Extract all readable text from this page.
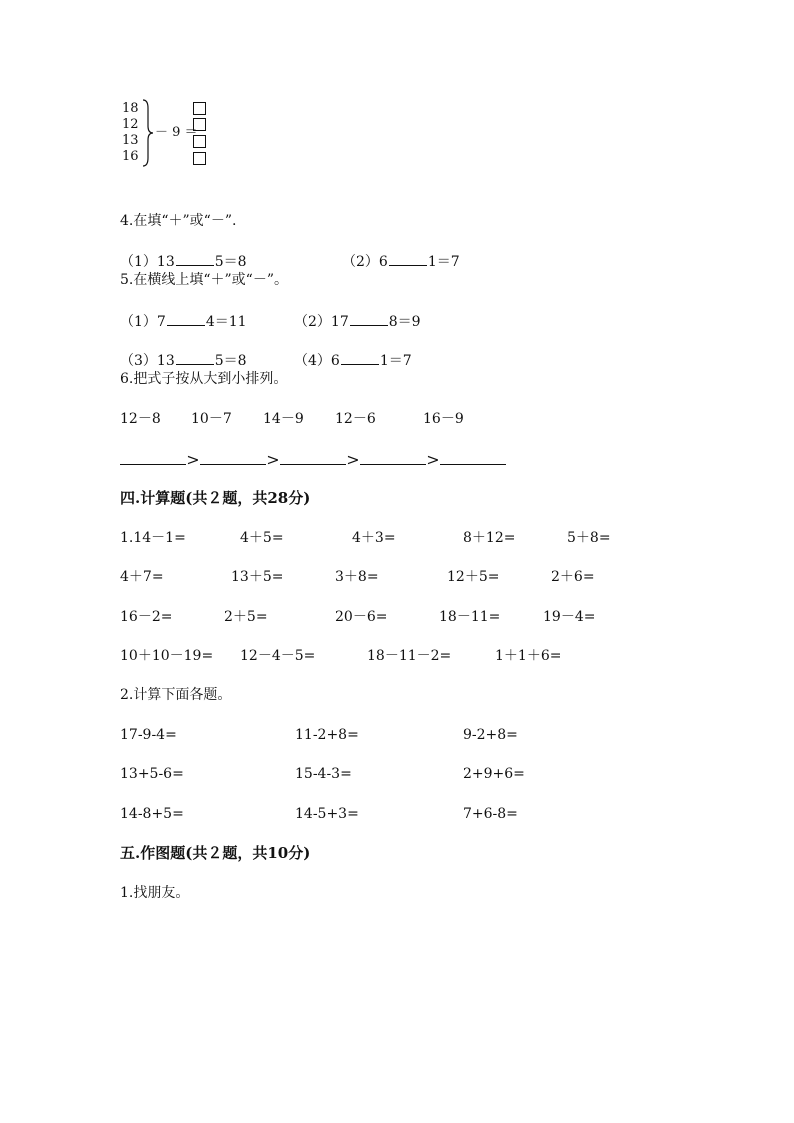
18
12
13
16
－ 9 ＝
4.在填“＋”或“－”.
（1）13	5＝8	（2）6	1＝7
5.在横线上填“＋”或“－”。
（1）7	4＝11	（2）17	8＝9
（3）13	5＝8	（4）6	1＝7
6.把式子按从大到小排列。
12－8 10－7 14－9 12－6	16－9
>	>	>	>
四.计算题(共２题，共28分)
1.14－1=	4＋5=	4＋3=	8＋12=	5＋8=
4＋7=	13＋5=	3＋8=	12＋5=	2＋6=
16－2=	2＋5=	20－6=	18－11=	19－4=
10＋10－19= 12－4－5=	18－11－2=	1＋1＋6=
2.计算下面各题。
17-9-4=	11-2+8=	9-2+8=
13+5-6=	15-4-3=	2+9+6=
14-8+5=	14-5+3=	7+6-8=
五.作图题(共２题，共10分)
1.找朋友。
